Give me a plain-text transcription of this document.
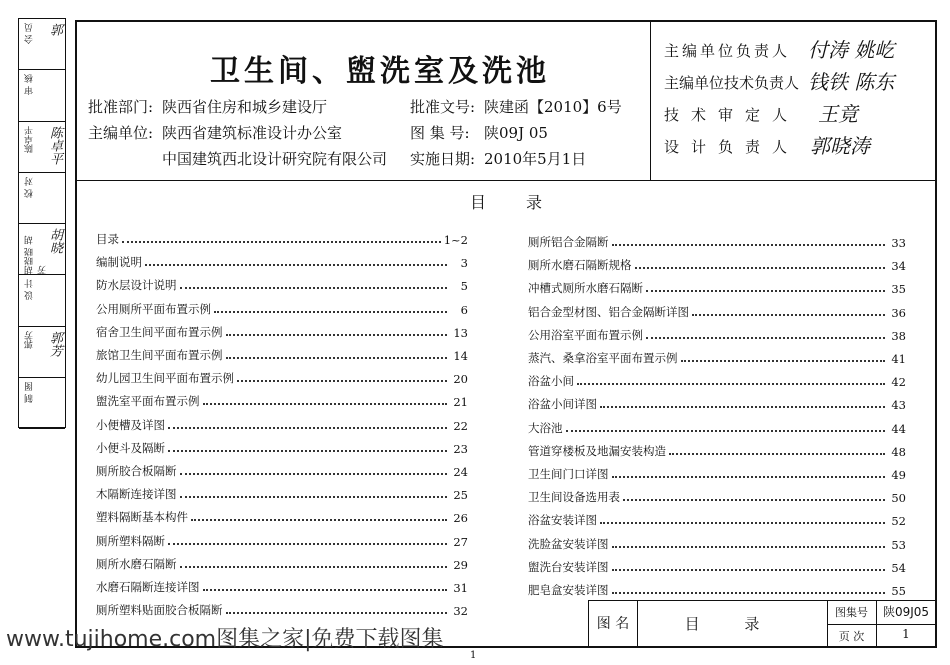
会 员 郭
审 核
陈卓平 陈卓平
校 对
胡晓晓 胡芳
胡晓
设 计
郭芳 郭芳
制 图
卫生间、盥洗室及洗池
批准部门: 陕西省住房和城乡建设厅
主编单位: 陕西省建筑标准设计办公室
中国建筑西北设计研究院有限公司
批准文号: 陕建函【2010】6号
图 集 号: 陕09J 05
实施日期: 2010年5月1日
主编单位负责人 付涛 姚屹
主编单位技术负责人 钱铁 陈东
技术审定人 王竟
设计负责人 郭晓涛
目录
目录	1~2
编制说明	3
防水层设计说明	5
公用厕所平面布置示例	6
宿舍卫生间平面布置示例	13
旅馆卫生间平面布置示例	14
幼儿园卫生间平面布置示例	20
盥洗室平面布置示例	21
小便槽及详图	22
小便斗及隔断	23
厕所胶合板隔断	24
木隔断连接详图	25
塑料隔断基本构件	26
厕所塑料隔断	27
厕所水磨石隔断	29
水磨石隔断连接详图	31
厕所塑料贴面胶合板隔断	32
厕所铝合金隔断	33
厕所水磨石隔断规格	34
冲槽式厕所水磨石隔断	35
铝合金型材图、铝合金隔断详图	36
公用浴室平面布置示例	38
蒸汽、桑拿浴室平面布置示例	41
浴盆小间	42
浴盆小间详图	43
大浴池	44
管道穿楼板及地漏安装构造	48
卫生间门口详图	49
卫生间设备选用表	50
浴盆安装详图	52
洗脸盆安装详图	53
盥洗台安装详图	54
肥皂盒安装详图	55
图 名	目 录
图集号	陕09J05
页 次	1
www.tujihome.com图集之家|免费下载图集
1
